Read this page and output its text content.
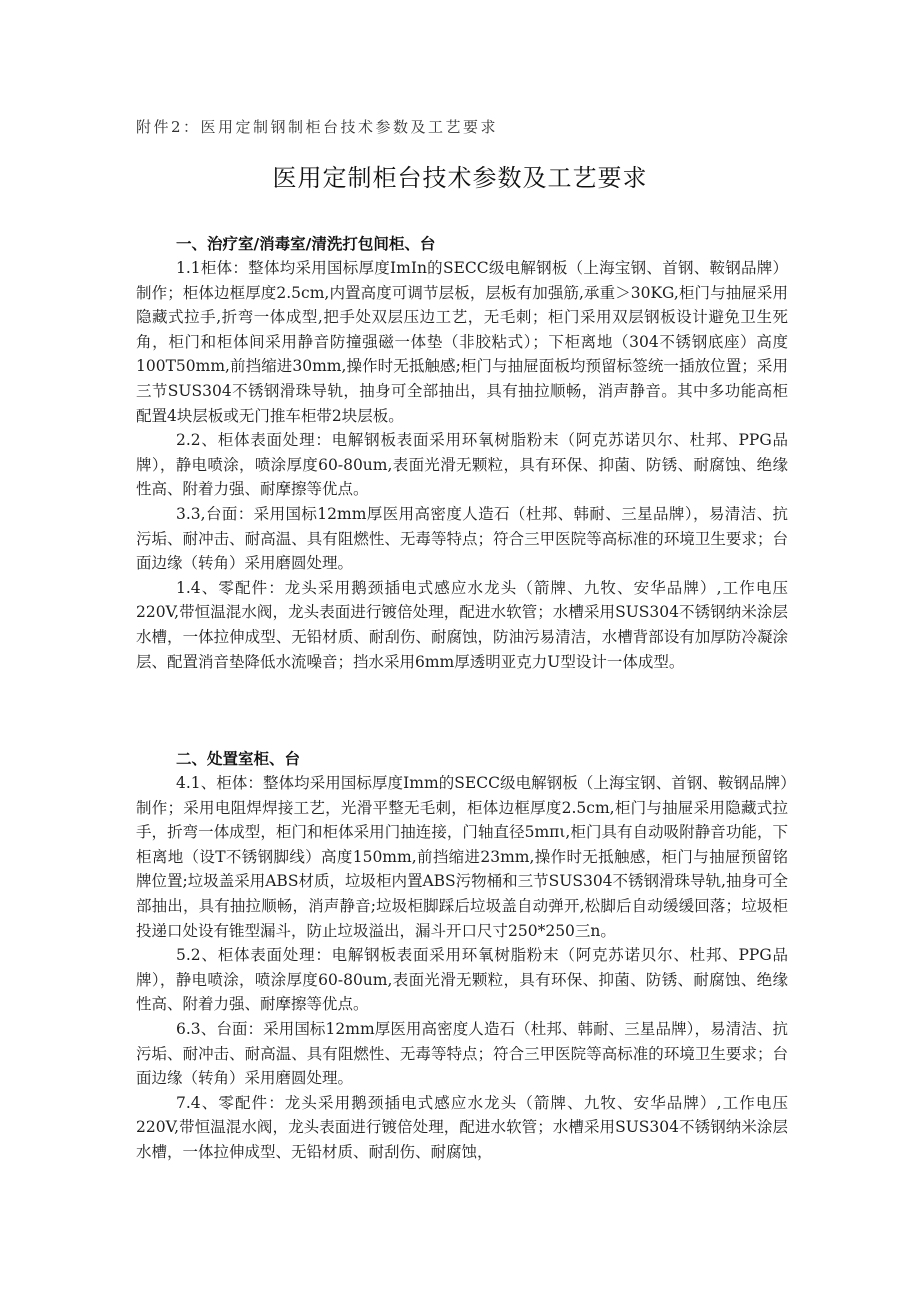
附件2：医用定制钢制柜台技术参数及工艺要求
医用定制柜台技术参数及工艺要求

一、治疗室/消毒室/清洗打包间柜、台

1.1柜体：整体均采用国标厚度ImIn的SECC级电解钢板（上海宝钢、首钢、鞍钢品牌）制作；柜体边框厚度2.5cm,内置高度可调节层板，层板有加强筋,承重＞30KG,柜门与抽屉采用隐藏式拉手,折弯一体成型,把手处双层压边工艺，无毛刺；柜门采用双层钢板设计避免卫生死角，柜门和柜体间采用静音防撞强磁一体垫（非胶粘式）；下柜离地（304不锈钢底座）高度100T50mm,前挡缩进30mm,操作时无抵触感;柜门与抽屉面板均预留标签统一插放位置；采用三节SUS304不锈钢滑珠导轨，抽身可全部抽出，具有抽拉顺畅，消声静音。其中多功能高柜配置4块层板或无门推车柜带2块层板。

2.2、柜体表面处理：电解钢板表面采用环氧树脂粉末（阿克苏诺贝尔、杜邦、PPG品牌），静电喷涂，喷涂厚度60-80um,表面光滑无颗粒，具有环保、抑菌、防锈、耐腐蚀、绝缘性高、附着力强、耐摩擦等优点。

3.3,台面：采用国标12mm厚医用高密度人造石（杜邦、韩耐、三星品牌），易清洁、抗污垢、耐冲击、耐高温、具有阻燃性、无毒等特点；符合三甲医院等高标准的环境卫生要求；台面边缘（转角）采用磨圆处理。

1.4、零配件：龙头采用鹅颈插电式感应水龙头（箭牌、九牧、安华品牌）,工作电压220V,带恒温混水阀，龙头表面进行镀倍处理，配进水软管；水槽采用SUS304不锈钢纳米涂层水槽，一体拉伸成型、无铅材质、耐刮伤、耐腐蚀，防油污易清洁，水槽背部设有加厚防冷凝涂层、配置消音垫降低水流噪音；挡水采用6mm厚透明亚克力U型设计一体成型。

二、处置室柜、台

4.1、柜体：整体均采用国标厚度Imm的SECC级电解钢板（上海宝钢、首钢、鞍钢品牌）制作；采用电阻焊焊接工艺，光滑平整无毛刺，柜体边框厚度2.5cm,柜门与抽屉采用隐藏式拉手，折弯一体成型，柜门和柜体采用门抽连接，门轴直径5mπι,柜门具有自动吸附静音功能，下柜离地（设T不锈钢脚线）高度150mm,前挡缩进23mm,操作时无抵触感，柜门与抽屉预留铭牌位置;垃圾盖采用ABS材质，垃圾柜内置ABS污物桶和三节SUS304不锈钢滑珠导轨,抽身可全部抽出，具有抽拉顺畅，消声静音;垃圾柜脚踩后垃圾盖自动弹开,松脚后自动缓缓回落；垃圾柜投递口处设有锥型漏斗，防止垃圾溢出，漏斗开口尺寸250*250三n。

5.2、柜体表面处理：电解钢板表面采用环氧树脂粉末（阿克苏诺贝尔、杜邦、PPG品牌），静电喷涂，喷涂厚度60-80um,表面光滑无颗粒，具有环保、抑菌、防锈、耐腐蚀、绝缘性高、附着力强、耐摩擦等优点。

6.3、台面：采用国标12mm厚医用高密度人造石（杜邦、韩耐、三星品牌），易清洁、抗污垢、耐冲击、耐高温、具有阻燃性、无毒等特点；符合三甲医院等高标准的环境卫生要求；台面边缘（转角）采用磨圆处理。

7.4、零配件：龙头采用鹅颈插电式感应水龙头（箭牌、九牧、安华品牌）,工作电压220V,带恒温混水阀，龙头表面进行镀倍处理，配进水软管；水槽采用SUS304不锈钢纳米涂层水槽，一体拉伸成型、无铅材质、耐刮伤、耐腐蚀，
